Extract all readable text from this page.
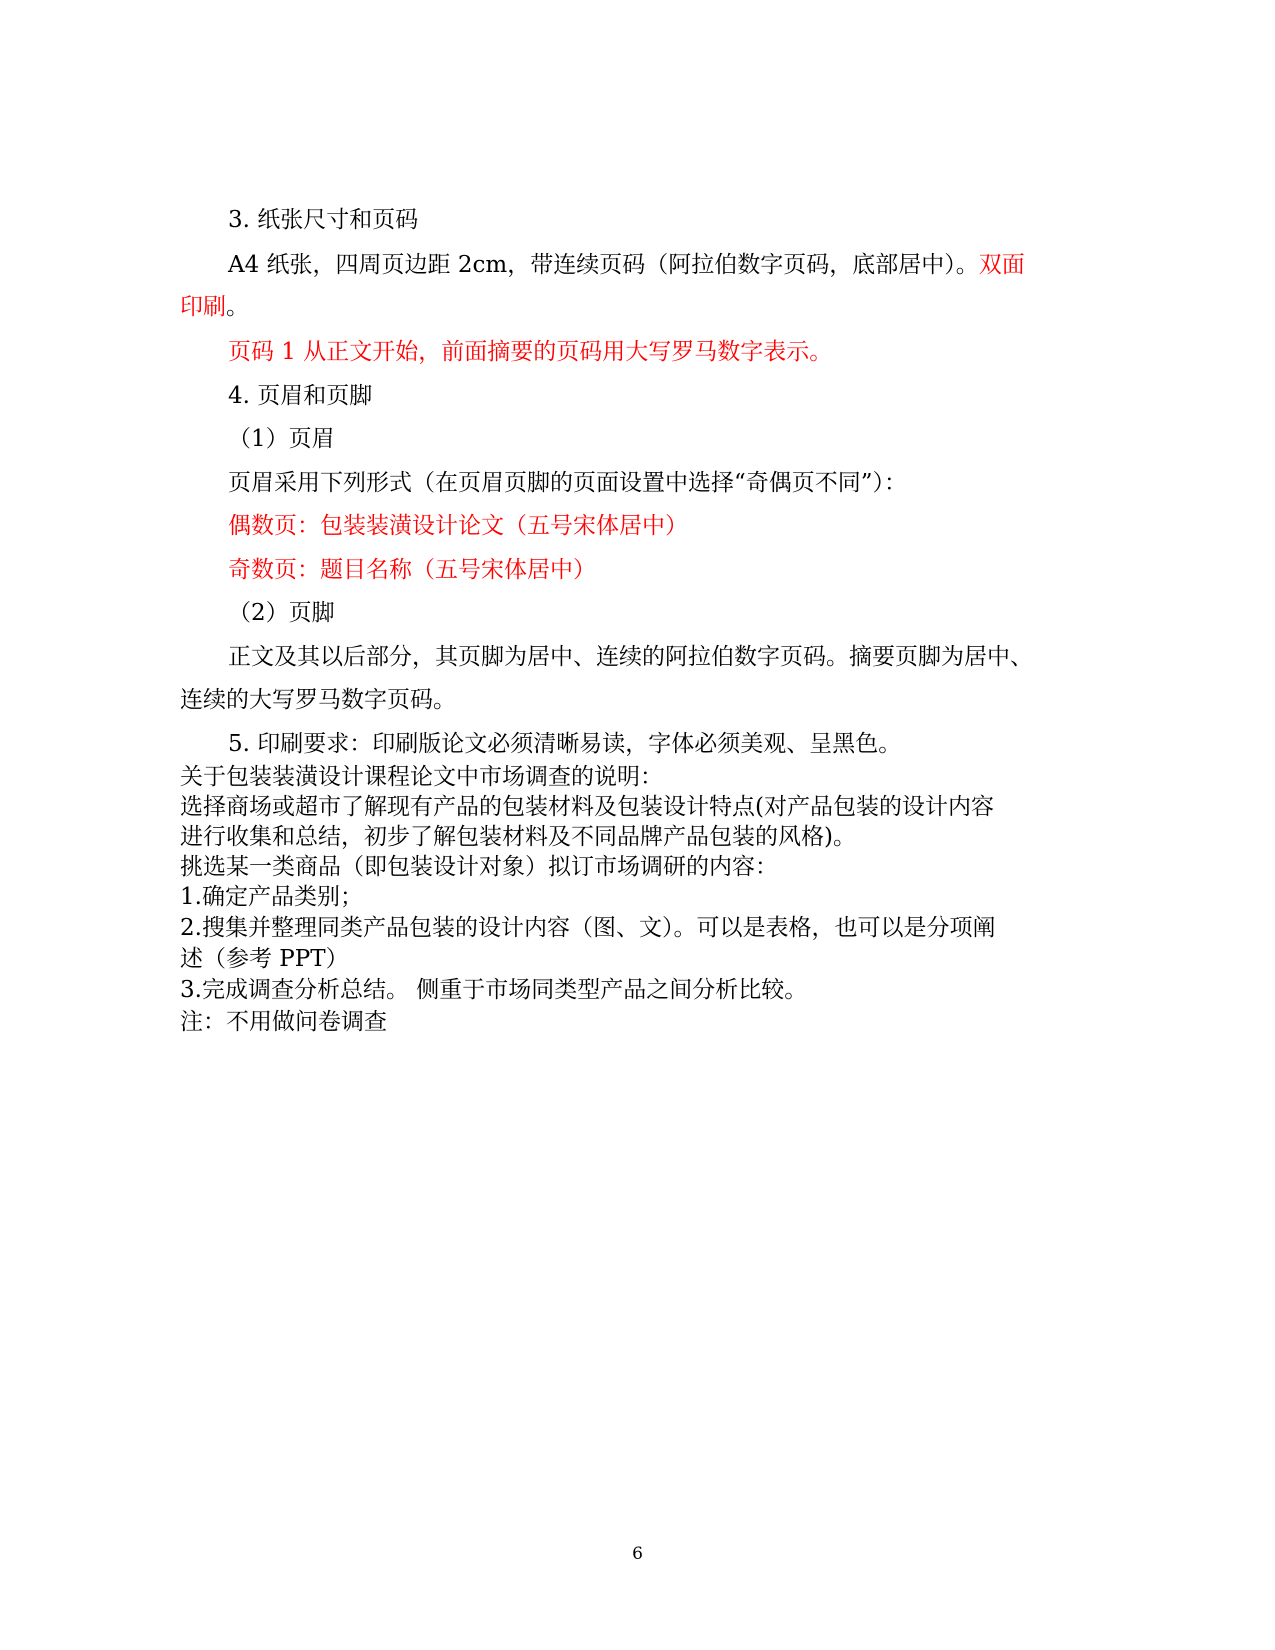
3. 纸张尺寸和页码

A4 纸张，四周页边距 2cm，带连续页码（阿拉伯数字页码，底部居中）。双面

印刷。

页码 1 从正文开始，前面摘要的页码用大写罗马数字表示。

4. 页眉和页脚

（1）页眉

页眉采用下列形式（在页眉页脚的页面设置中选择“奇偶页不同”）：

偶数页：包装装潢设计论文（五号宋体居中）

奇数页：题目名称（五号宋体居中）

（2）页脚

正文及其以后部分，其页脚为居中、连续的阿拉伯数字页码。摘要页脚为居中、

连续的大写罗马数字页码。

5. 印刷要求：印刷版论文必须清晰易读，字体必须美观、呈黑色。

关于包装装潢设计课程论文中市场调查的说明：

选择商场或超市了解现有产品的包装材料及包装设计特点(对产品包装的设计内容

进行收集和总结，初步了解包装材料及不同品牌产品包装的风格)。

挑选某一类商品（即包装设计对象）拟订市场调研的内容：

1.确定产品类别；

2.搜集并整理同类产品包装的设计内容（图、文）。可以是表格，也可以是分项阐

述（参考 PPT）

3.完成调查分析总结。 侧重于市场同类型产品之间分析比较。

注：不用做问卷调查

6
